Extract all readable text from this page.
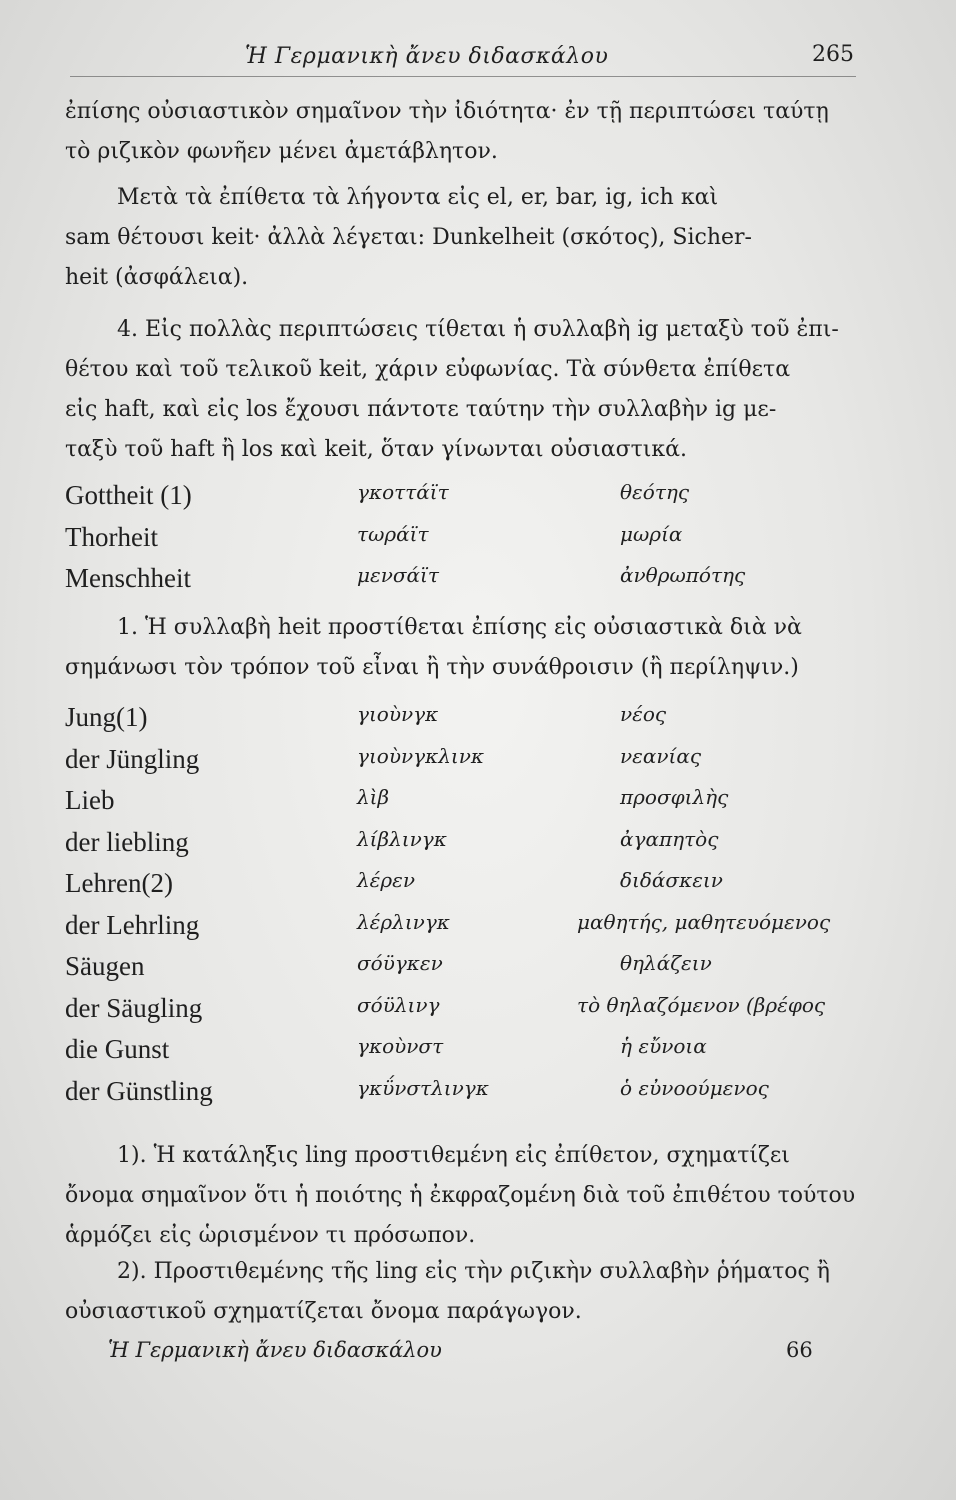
Ἡ Γερμανικὴ ἄνευ διδασκάλου	265
ἐπίσης οὐσιαστικὸν σημαῖνον τὴν ἰδιότητα· ἐν τῇ περιπτώσει ταύτῃ
τὸ ριζικὸν φωνῆεν μένει ἀμετάβλητον.
Μετὰ τὰ ἐπίθετα τὰ λήγοντα εἰς el, er, bar, ig, ich καὶ
sam θέτουσι keit· ἀλλὰ λέγεται: Dunkelheit (σκότος), Sicher-
heit (ἀσφάλεια).
4. Εἰς πολλὰς περιπτώσεις τίθεται ἡ συλλαβὴ ig μεταξὺ τοῦ ἐπι-
θέτου καὶ τοῦ τελικοῦ keit, χάριν εὐφωνίας. Τὰ σύνθετα ἐπίθετα
εἰς haft, καὶ εἰς los ἔχουσι πάντοτε ταύτην τὴν συλλαβὴν ig με-
ταξὺ τοῦ haft ἢ los καὶ keit, ὅταν γίνωνται οὐσιαστικά.
Gottheit (1)	γκοττάϊτ	θεότης
Thorheit	τωράϊτ	μωρία
Menschheit	μενσάϊτ	ἀνθρωπότης
1. Ἡ συλλαβὴ heit προστίθεται ἐπίσης εἰς οὐσιαστικὰ διὰ νὰ
σημάνωσι τὸν τρόπον τοῦ εἶναι ἢ τὴν συνάθροισιν (ἢ περίληψιν.)
Jung(1)	γιοὺνγκ	νέος
der Jüngling	γιοὺνγκλινκ	νεανίας
Lieb	λὶβ	προσφιλὴς
der liebling	λίβλινγκ	ἀγαπητὸς
Lehren(2)	λέρεν	διδάσκειν
der Lehrling	λέρλινγκ	μαθητής, μαθητευόμενος
Säugen	σόϋγκεν	θηλάζειν
der Säugling	σόϋλινγ	τὸ θηλαζόμενον (βρέφος
die Gunst	γκοὺνστ	ἡ εὔνοια
der Günstling	γκΰνστλινγκ	ὁ εὐνοούμενος
1). Ἡ κατάληξις ling προστιθεμένη εἰς ἐπίθετον, σχηματίζει
ὄνομα σημαῖνον ὅτι ἡ ποιότης ἡ ἐκφραζομένη διὰ τοῦ ἐπιθέτου τούτου
ἁρμόζει εἰς ὡρισμένον τι πρόσωπον.
2). Προστιθεμένης τῆς ling εἰς τὴν ριζικὴν συλλαβὴν ῥήματος ἢ
οὐσιαστικοῦ σχηματίζεται ὄνομα παράγωγον.
Ἡ Γερμανικὴ ἄνευ διδασκάλου	66
